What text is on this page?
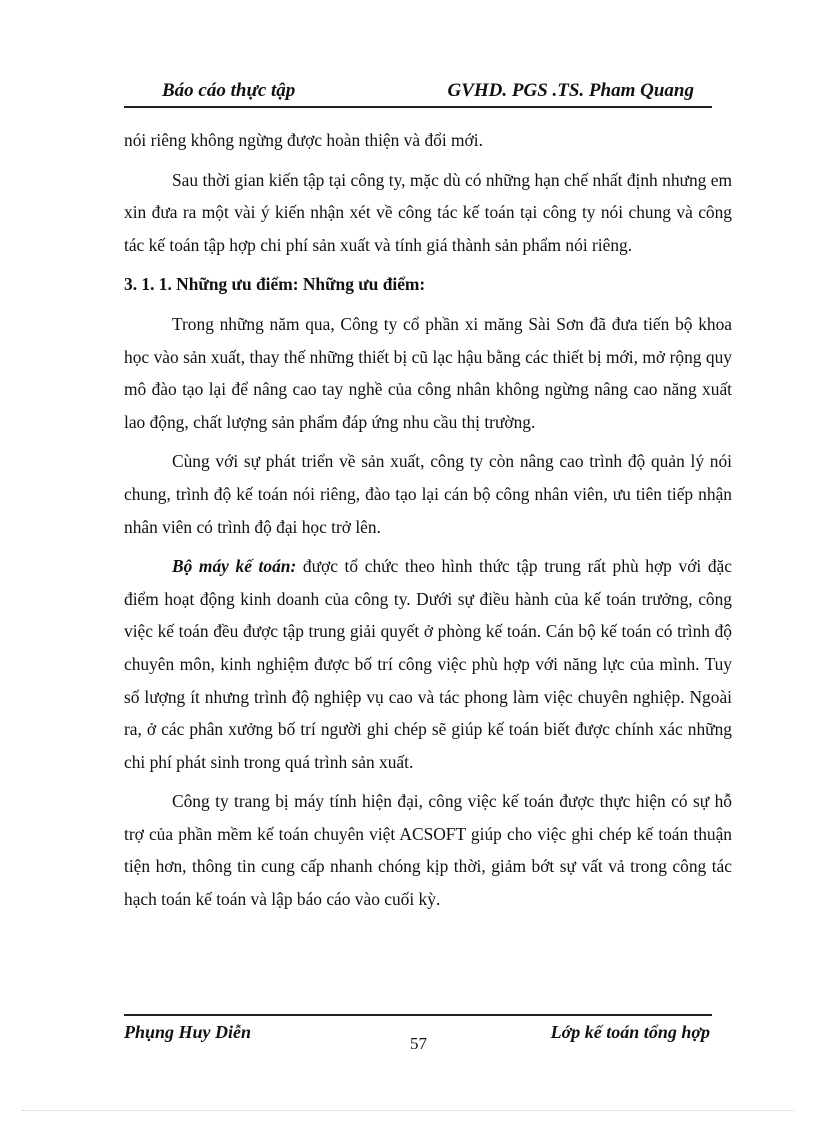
Báo cáo thực tập	GVHD. PGS .TS. Pham Quang

nói riêng không ngừng được hoàn thiện và đổi mới.

Sau thời gian kiến tập tại công ty, mặc dù có những hạn chế nhất định nhưng em xin đưa ra một vài ý kiến nhận xét về công tác kế toán tại công ty nói chung và công tác kế toán tập hợp chi phí sản xuất và tính giá thành sản phẩm nói riêng.

3. 1. 1. Những ưu điểm: Những ưu điểm:

Trong những năm qua, Công ty cổ phần xi măng Sài Sơn đã đưa tiến bộ khoa học vào sản xuất, thay thế những thiết bị cũ lạc hậu bằng các thiết bị mới, mở rộng quy mô đào tạo lại để nâng cao tay nghề của công nhân không ngừng nâng cao năng xuất lao động, chất lượng sản phẩm đáp ứng nhu cầu thị trường.

Cùng với sự phát triển về sản xuất, công ty còn nâng cao trình độ quản lý nói chung, trình độ kế toán nói riêng, đào tạo lại cán bộ công nhân viên, ưu tiên tiếp nhận nhân viên có trình độ đại học trở lên.

Bộ máy kế toán: được tổ chức theo hình thức tập trung rất phù hợp với đặc điểm hoạt động kinh doanh của công ty. Dưới sự điều hành của kế toán trưởng, công việc kế toán đều được tập trung giải quyết ở phòng kế toán. Cán bộ kế toán có trình độ chuyên môn, kinh nghiệm được bố trí công việc phù hợp với năng lực của mình. Tuy số lượng ít nhưng trình độ nghiệp vụ cao và tác phong làm việc chuyên nghiệp. Ngoài ra, ở các phân xưởng bố trí người ghi chép sẽ giúp kế toán biết được chính xác những chi phí phát sinh trong quá trình sản xuất.

Công ty trang bị máy tính hiện đại, công việc kế toán được thực hiện có sự hỗ trợ của phần mềm kế toán chuyên việt ACSOFT giúp cho việc ghi chép kế toán thuận tiện hơn, thông tin cung cấp nhanh chóng kịp thời, giảm bớt sự vất vả trong công tác hạch toán kế toán và lập báo cáo vào cuối kỳ.

Phụng Huy Diễn
57
Lớp kế toán tổng hợp
